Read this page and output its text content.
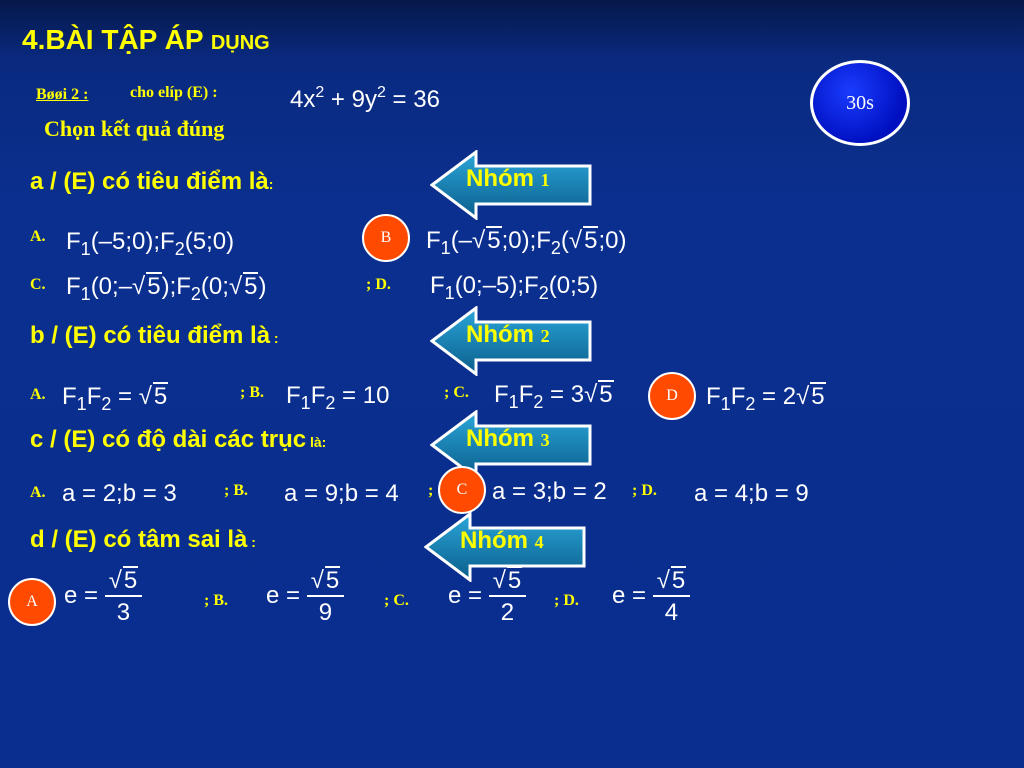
4.BÀI TẬP ÁP DỤNG
Bøøi 2 :	cho elíp (E) :	$4x^2 + 9y^2 = 36$
Chọn kết quả đúng
30s
a / (E) có tiêu điểm là:	Nhóm 1
A. $F_1(-5;0);F_2(5;0)$	B $F_1(-√5;0);F_2(√5;0)$
C. $F_1(0;-√5);F_2(0;√5)$	; D. $F_1(0;-5);F_2(0;5)$
b / (E) có tiêu điểm là :	Nhóm 2
A. $F_1F_2 = √5$	; B. $F_1F_2 = 10$	; C. $F_1F_2 = 3√5$	D $F_1F_2 = 2√5$
c / (E) có độ dài các trục là:	Nhóm 3
A. a = 2;b = 3	; B. a = 9;b = 4 ; C a = 3;b = 2 ; D. a = 4;b = 9
d / (E) có tâm sai là :	Nhóm 4
A $e = \frac{√5}{3}$	; B. $e = \frac{√5}{9}$ ; C. $e = \frac{√5}{2}$ ; D. $e = \frac{√5}{4}$
